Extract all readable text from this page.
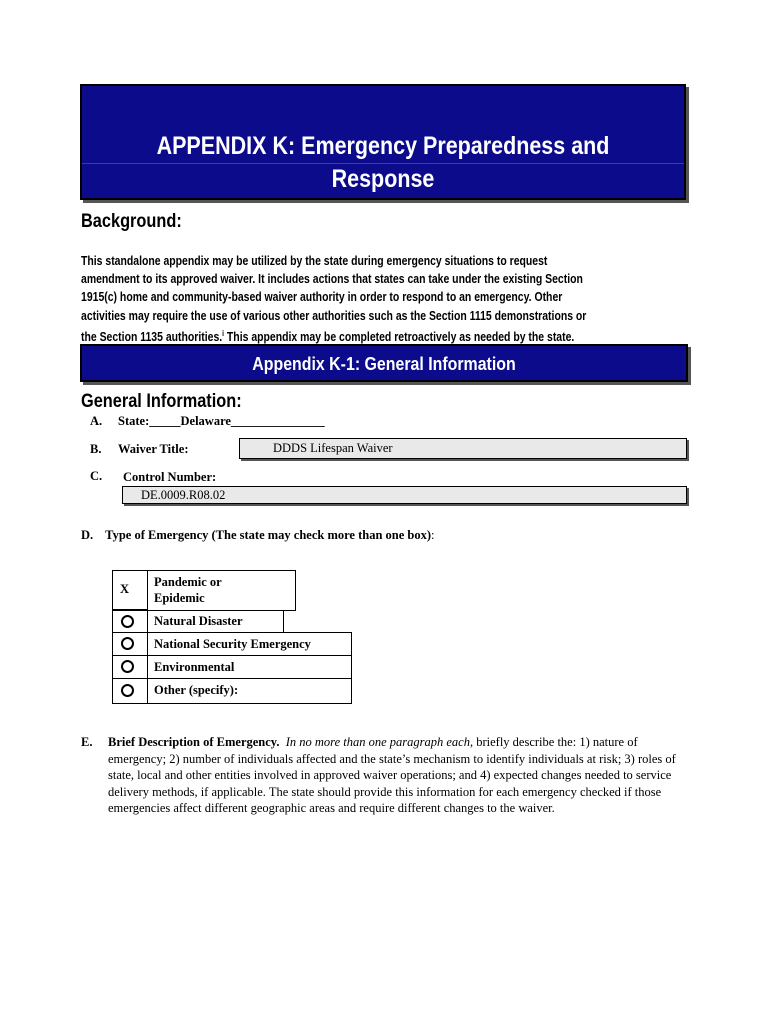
APPENDIX K: Emergency Preparedness and
Response
Background:
This standalone appendix may be utilized by the state during emergency situations to request
amendment to its approved waiver. It includes actions that states can take under the existing Section
1915(c) home and community-based waiver authority in order to respond to an emergency. Other
activities may require the use of various other authorities such as the Section 1115 demonstrations or
the Section 1135 authorities.$^i$ This appendix may be completed retroactively as needed by the state.
Appendix K-1: General Information
General Information:
A. State:_____Delaware_______________
B. Waiver Title:	DDDS Lifespan Waiver
C. Control Number:
DE.0009.R08.02
D. Type of Emergency (The state may check more than one box):
X Pandemic or
Epidemic
Natural Disaster
National Security Emergency
Environmental
Other (specify):
E. Brief Description of Emergency. In no more than one paragraph each, briefly describe the: 1) nature of emergency; 2) number of individuals affected and the state’s mechanism to identify individuals at risk; 3) roles of state, local and other entities involved in approved waiver operations; and 4) expected changes needed to service delivery methods, if applicable. The state should provide this information for each emergency checked if those emergencies affect different geographic areas and require different changes to the waiver.
